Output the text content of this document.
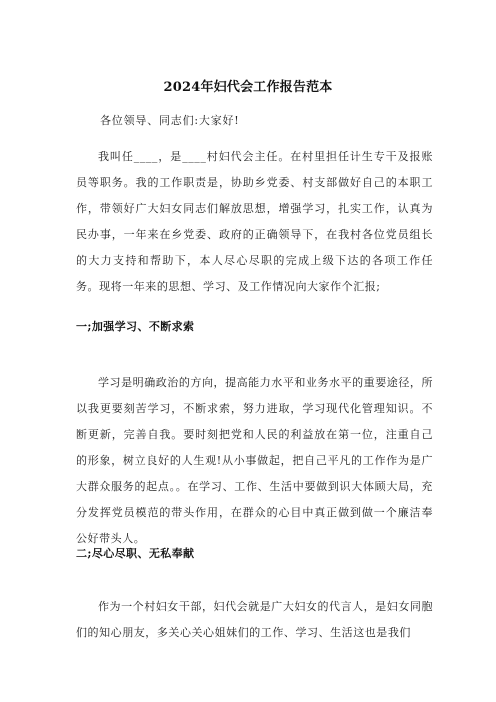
2024年妇代会工作报告范本

各位领导、同志们:大家好!

我叫任____，是____村妇代会主任。在村里担任计生专干及报账员等职务。我的工作职责是，协助乡党委、村支部做好自己的本职工作，带领好广大妇女同志们解放思想，增强学习，扎实工作，认真为民办事，一年来在乡党委、政府的正确领导下，在我村各位党员组长的大力支持和帮助下，本人尽心尽职的完成上级下达的各项工作任务。现将一年来的思想、学习、及工作情况向大家作个汇报;

一;加强学习、不断求索

学习是明确政治的方向，提高能力水平和业务水平的重要途径，所以我更要刻苦学习，不断求索，努力进取，学习现代化管理知识。不断更新，完善自我。要时刻把党和人民的利益放在第一位，注重自己的形象，树立良好的人生观!从小事做起，把自己平凡的工作作为是广大群众服务的起点。。在学习、工作、生活中要做到识大体顾大局，充分发挥党员模范的带头作用，在群众的心目中真正做到做一个廉洁奉公好带头人。

二;尽心尽职、无私奉献

作为一个村妇女干部，妇代会就是广大妇女的代言人，是妇女同胞们的知心朋友，多关心关心姐妹们的工作、学习、生活这也是我们
